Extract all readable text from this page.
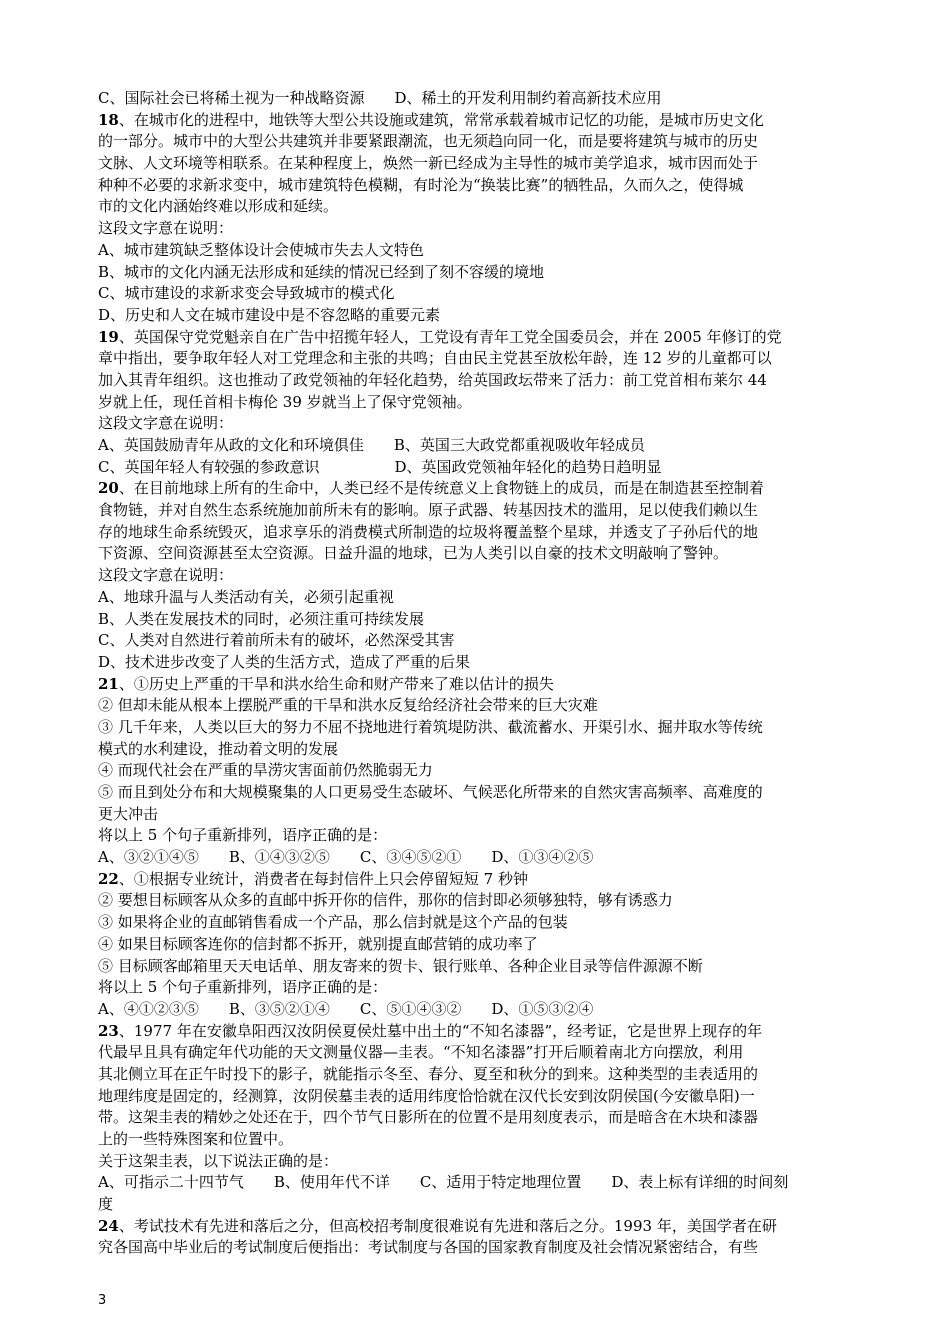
C、国际社会已将稀土视为一种战略资源　　D、稀土的开发利用制约着高新技术应用
18、在城市化的进程中，地铁等大型公共设施或建筑，常常承载着城市记忆的功能，是城市历史文化
的一部分。城市中的大型公共建筑并非要紧跟潮流，也无须趋向同一化，而是要将建筑与城市的历史
文脉、人文环境等相联系。在某种程度上，焕然一新已经成为主导性的城市美学追求，城市因而处于
种种不必要的求新求变中，城市建筑特色模糊，有时沦为“换装比赛”的牺牲品，久而久之，使得城
市的文化内涵始终难以形成和延续。
这段文字意在说明：
A、城市建筑缺乏整体设计会使城市失去人文特色
B、城市的文化内涵无法形成和延续的情况已经到了刻不容缓的境地
C、城市建设的求新求变会导致城市的模式化
D、历史和人文在城市建设中是不容忽略的重要元素
19、英国保守党党魁亲自在广告中招揽年轻人，工党设有青年工党全国委员会，并在 2005 年修订的党
章中指出，要争取年轻人对工党理念和主张的共鸣；自由民主党甚至放松年龄，连 12 岁的儿童都可以
加入其青年组织。这也推动了政党领袖的年轻化趋势，给英国政坛带来了活力：前工党首相布莱尔 44
岁就上任，现任首相卡梅伦 39 岁就当上了保守党领袖。
这段文字意在说明：
A、英国鼓励青年从政的文化和环境俱佳　　B、英国三大政党都重视吸收年轻成员
C、英国年轻人有较强的参政意识　　　　　D、英国政党领袖年轻化的趋势日趋明显
20、在目前地球上所有的生命中，人类已经不是传统意义上食物链上的成员，而是在制造甚至控制着
食物链，并对自然生态系统施加前所未有的影响。原子武器、转基因技术的滥用，足以使我们赖以生
存的地球生命系统毁灭，追求享乐的消费模式所制造的垃圾将覆盖整个星球，并透支了子孙后代的地
下资源、空间资源甚至太空资源。日益升温的地球，已为人类引以自豪的技术文明敲响了警钟。
这段文字意在说明：
A、地球升温与人类活动有关，必须引起重视
B、人类在发展技术的同时，必须注重可持续发展
C、人类对自然进行着前所未有的破坏，必然深受其害
D、技术进步改变了人类的生活方式，造成了严重的后果
21、①历史上严重的干旱和洪水给生命和财产带来了难以估计的损失
② 但却未能从根本上摆脱严重的干旱和洪水反复给经济社会带来的巨大灾难
③ 几千年来，人类以巨大的努力不屈不挠地进行着筑堤防洪、截流蓄水、开渠引水、掘井取水等传统
模式的水利建设，推动着文明的发展
④ 而现代社会在严重的旱涝灾害面前仍然脆弱无力
⑤ 而且到处分布和大规模聚集的人口更易受生态破坏、气候恶化所带来的自然灾害高频率、高难度的
更大冲击
将以上 5 个句子重新排列，语序正确的是：
A、③②①④⑤　　B、①④③②⑤　　C、③④⑤②①　　D、①③④②⑤
22、①根据专业统计，消费者在每封信件上只会停留短短 7 秒钟
② 要想目标顾客从众多的直邮中拆开你的信件，那你的信封即必须够独特，够有诱惑力
③ 如果将企业的直邮销售看成一个产品，那么信封就是这个产品的包装
④ 如果目标顾客连你的信封都不拆开，就别提直邮营销的成功率了
⑤ 目标顾客邮箱里天天电话单、朋友寄来的贺卡、银行账单、各种企业目录等信件源源不断
将以上 5 个句子重新排列，语序正确的是：
A、④①②③⑤　　B、③⑤②①④　　C、⑤①④③②　　D、①⑤③②④
23、1977 年在安徽阜阳西汉汝阴侯夏侯灶墓中出土的“不知名漆器”，经考证，它是世界上现存的年
代最早且具有确定年代功能的天文测量仪器—圭表。“不知名漆器”打开后顺着南北方向摆放，利用
其北侧立耳在正午时投下的影子，就能指示冬至、春分、夏至和秋分的到来。这种类型的圭表适用的
地理纬度是固定的，经测算，汝阴侯墓圭表的适用纬度恰恰就在汉代长安到汝阴侯国(今安徽阜阳)一
带。这架圭表的精妙之处还在于，四个节气日影所在的位置不是用刻度表示，而是暗含在木块和漆器
上的一些特殊图案和位置中。
关于这架圭表，以下说法正确的是：
A、可指示二十四节气　　B、使用年代不详　　C、适用于特定地理位置　　D、表上标有详细的时间刻
度
24、考试技术有先进和落后之分，但高校招考制度很难说有先进和落后之分。1993 年，美国学者在研
究各国高中毕业后的考试制度后便指出：考试制度与各国的国家教育制度及社会情况紧密结合，有些
3
